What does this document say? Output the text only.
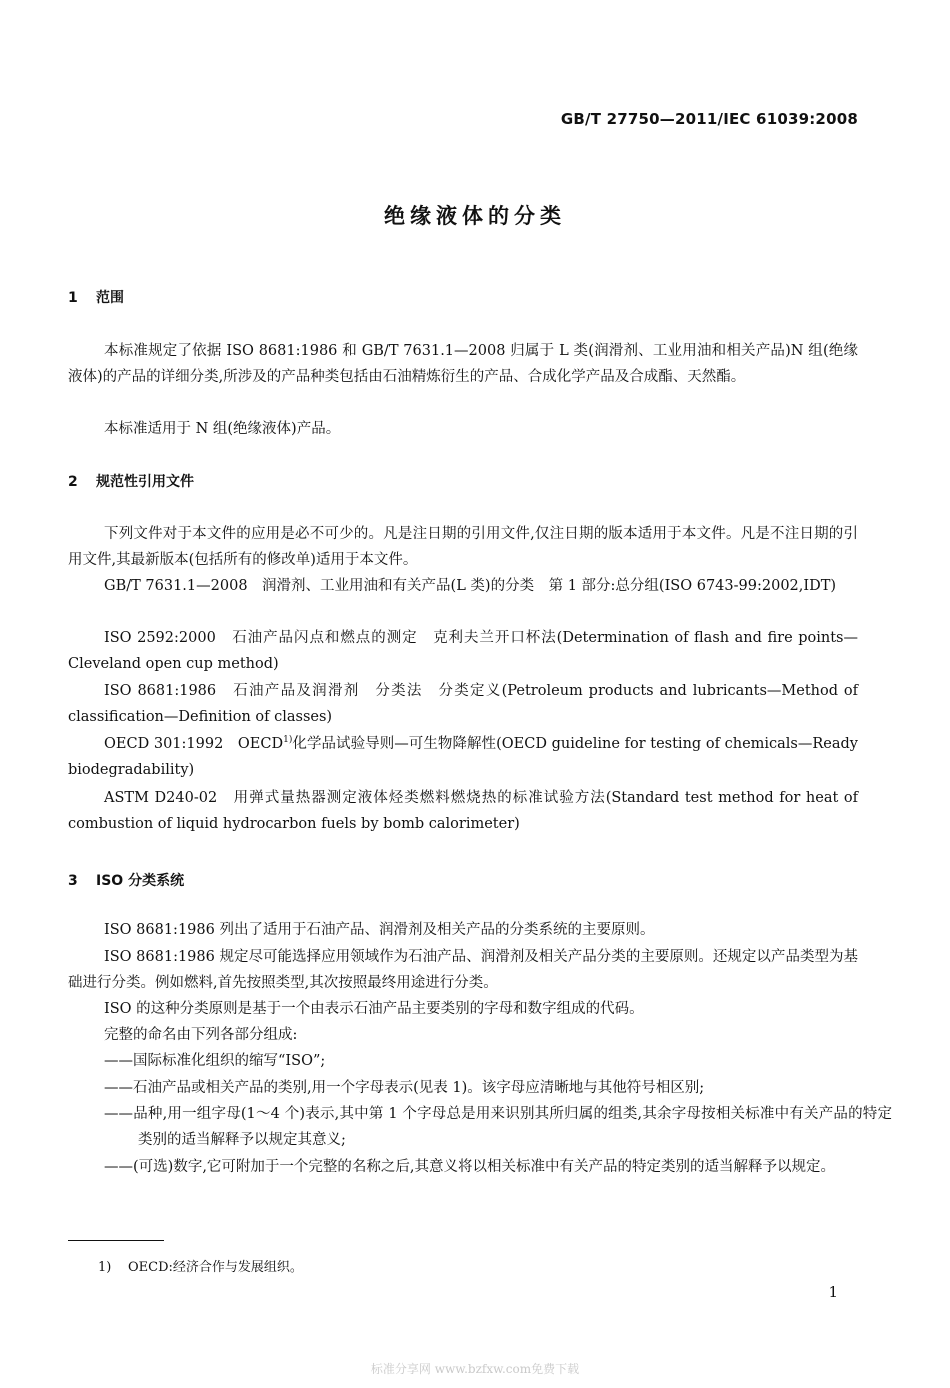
GB/T 27750—2011/IEC 61039:2008
绝缘液体的分类
1 范围
本标准规定了依据 ISO 8681:1986 和 GB/T 7631.1—2008 归属于 L 类(润滑剂、工业用油和相关产品)N 组(绝缘液体)的产品的详细分类,所涉及的产品种类包括由石油精炼衍生的产品、合成化学产品及合成酯、天然酯。
本标准适用于 N 组(绝缘液体)产品。
2 规范性引用文件
下列文件对于本文件的应用是必不可少的。凡是注日期的引用文件,仅注日期的版本适用于本文件。凡是不注日期的引用文件,其最新版本(包括所有的修改单)适用于本文件。
GB/T 7631.1—2008　润滑剂、工业用油和有关产品(L 类)的分类　第 1 部分:总分组(ISO 6743-99:2002,IDT)
ISO 2592:2000　石油产品闪点和燃点的测定　克利夫兰开口杯法(Determination of flash and fire points—Cleveland open cup method)
ISO 8681:1986　石油产品及润滑剂　分类法　分类定义(Petroleum products and lubricants—Method of classification—Definition of classes)
OECD 301:1992　OECD$^{1)}$化学品试验导则—可生物降解性(OECD guideline for testing of chemicals—Ready biodegradability)
ASTM D240-02　用弹式量热器测定液体烃类燃料燃烧热的标准试验方法(Standard test method for heat of combustion of liquid hydrocarbon fuels by bomb calorimeter)
3 ISO 分类系统
ISO 8681:1986 列出了适用于石油产品、润滑剂及相关产品的分类系统的主要原则。
ISO 8681:1986 规定尽可能选择应用领域作为石油产品、润滑剂及相关产品分类的主要原则。还规定以产品类型为基础进行分类。例如燃料,首先按照类型,其次按照最终用途进行分类。
ISO 的这种分类原则是基于一个由表示石油产品主要类别的字母和数字组成的代码。
完整的命名由下列各部分组成:
——国际标准化组织的缩写“ISO”;
——石油产品或相关产品的类别,用一个字母表示(见表 1)。该字母应清晰地与其他符号相区别;
——品种,用一组字母(1～4 个)表示,其中第 1 个字母总是用来识别其所归属的组类,其余字母按相关标准中有关产品的特定类别的适当解释予以规定其意义;
——(可选)数字,它可附加于一个完整的名称之后,其意义将以相关标准中有关产品的特定类别的适当解释予以规定。
1) OECD:经济合作与发展组织。
1
标准分享网 www.bzfxw.com免费下载
